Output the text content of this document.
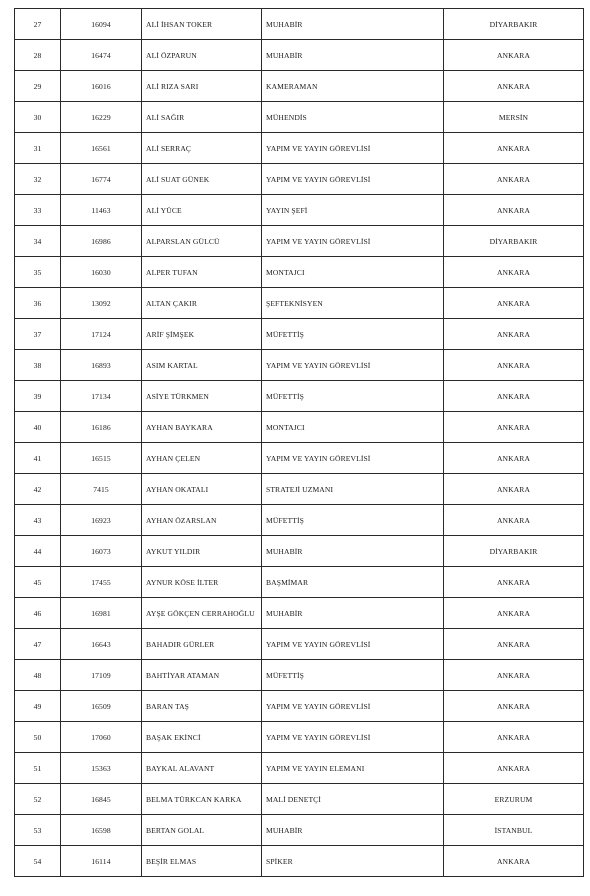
27	16094	ALİ İHSAN TOKER	MUHABİR	DİYARBAKIR
28	16474	ALİ ÖZPARUN	MUHABİR	ANKARA
29	16016	ALİ RIZA SARI	KAMERAMAN	ANKARA
30	16229	ALİ SAĞIR	MÜHENDİS	MERSİN
31	16561	ALİ SERRAÇ	YAPIM VE YAYIN GÖREVLİSİ	ANKARA
32	16774	ALİ SUAT GÜNEK	YAPIM VE YAYIN GÖREVLİSİ	ANKARA
33	11463	ALİ YÜCE	YAYIN ŞEFİ	ANKARA
34	16986	ALPARSLAN GÜLCÜ	YAPIM VE YAYIN GÖREVLİSİ	DİYARBAKIR
35	16030	ALPER TUFAN	MONTAJCI	ANKARA
36	13092	ALTAN ÇAKIR	ŞEFTEKNİSYEN	ANKARA
37	17124	ARİF ŞİMŞEK	MÜFETTİŞ	ANKARA
38	16893	ASIM KARTAL	YAPIM VE YAYIN GÖREVLİSİ	ANKARA
39	17134	ASİYE TÜRKMEN	MÜFETTİŞ	ANKARA
40	16186	AYHAN BAYKARA	MONTAJCI	ANKARA
41	16515	AYHAN ÇELEN	YAPIM VE YAYIN GÖREVLİSİ	ANKARA
42	7415	AYHAN OKATALI	STRATEJİ UZMANI	ANKARA
43	16923	AYHAN ÖZARSLAN	MÜFETTİŞ	ANKARA
44	16073	AYKUT YILDIR	MUHABİR	DİYARBAKIR
45	17455	AYNUR KÖSE İLTER	BAŞMİMAR	ANKARA
46	16981	AYŞE GÖKÇEN CERRAHOĞLU	MUHABİR	ANKARA
47	16643	BAHADIR GÜRLER	YAPIM VE YAYIN GÖREVLİSİ	ANKARA
48	17109	BAHTİYAR ATAMAN	MÜFETTİŞ	ANKARA
49	16509	BARAN TAŞ	YAPIM VE YAYIN GÖREVLİSİ	ANKARA
50	17060	BAŞAK EKİNCİ	YAPIM VE YAYIN GÖREVLİSİ	ANKARA
51	15363	BAYKAL ALAVANT	YAPIM VE YAYIN ELEMANI	ANKARA
52	16845	BELMA TÜRKCAN KARKA	MALİ DENETÇİ	ERZURUM
53	16598	BERTAN GOLAL	MUHABİR	İSTANBUL
54	16114	BEŞİR ELMAS	SPİKER	ANKARA
